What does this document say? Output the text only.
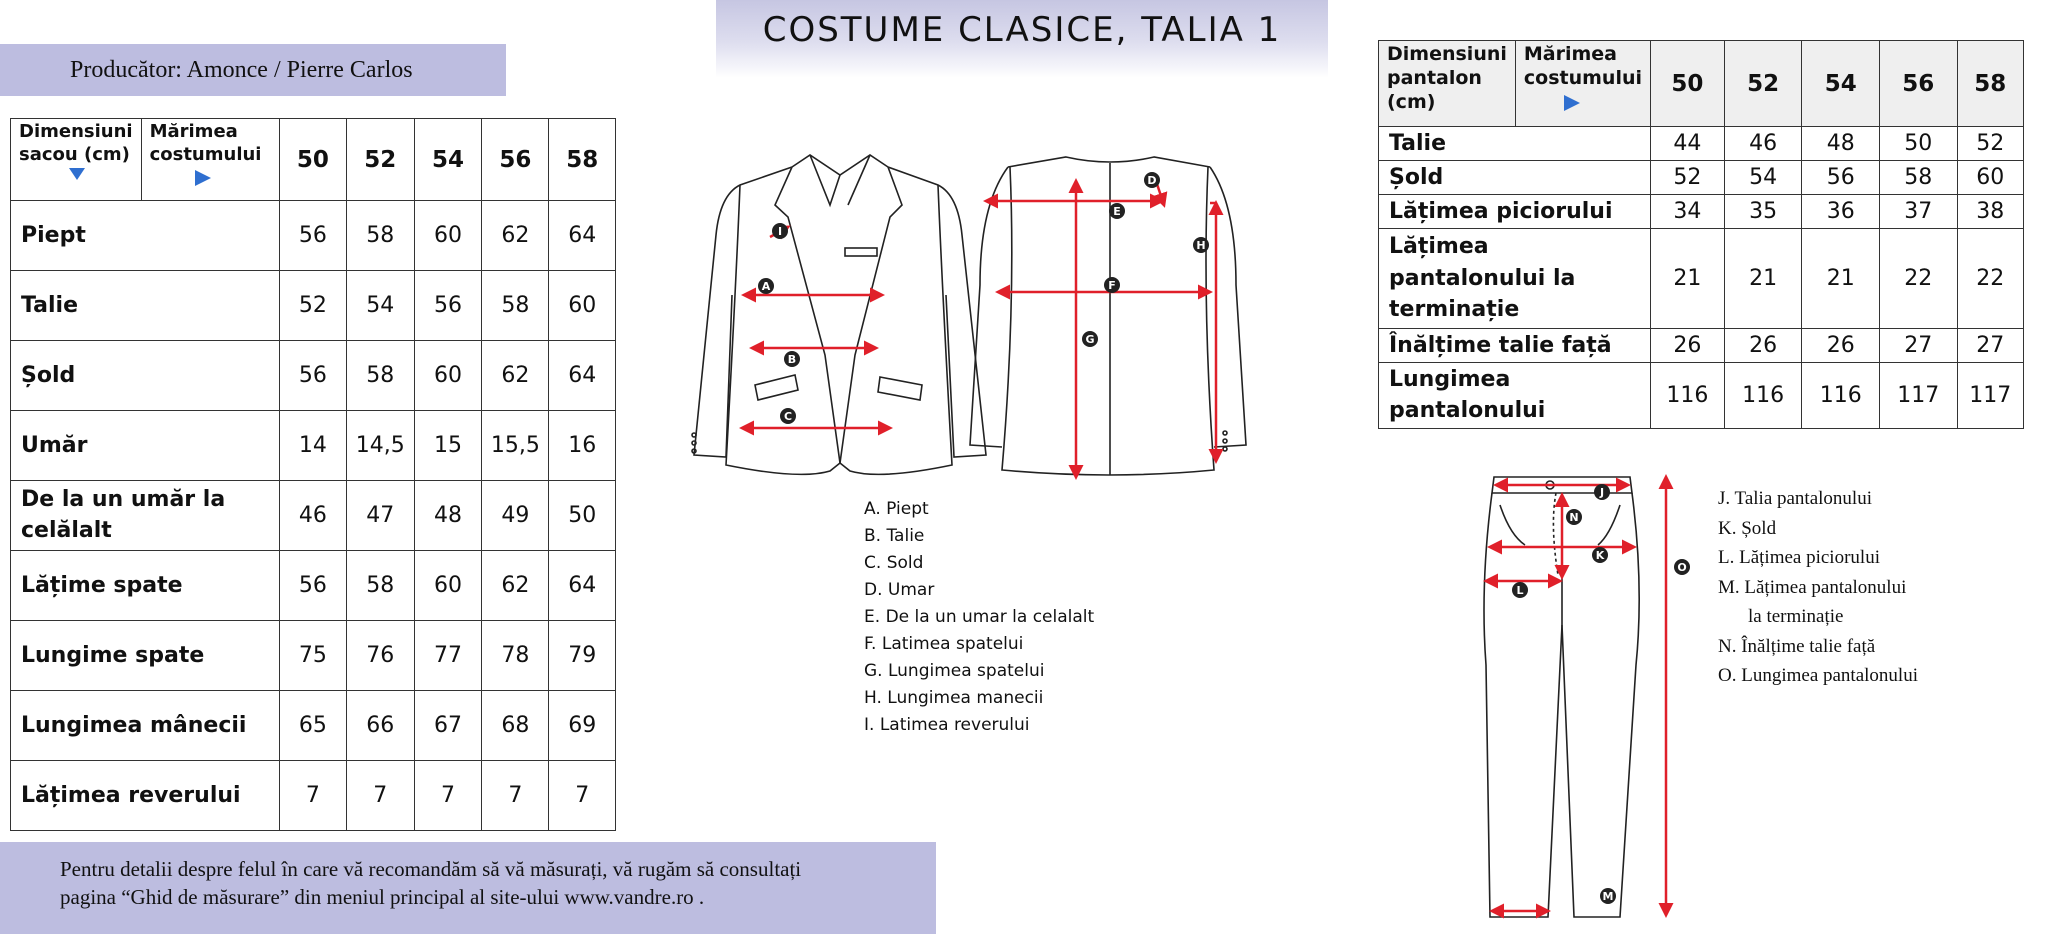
COSTUME CLASICE, TALIA 1
Producător: Amonce / Pierre Carlos
Dimensiuni sacou (cm)	Mărimea costumului	50	52	54	56	58
Piept		56	58	60	62	64
Talie		52	54	56	58	60
Șold		56	58	60	62	64
Umăr		14	14,5	15	15,5	16
De la un umăr la celălalt		46	47	48	49	50
Lățime spate		56	58	60	62	64
Lungime spate		75	76	77	78	79
Lungimea mânecii		65	66	67	68	69
Lățimea reverului		7	7	7	7	7
Dimensiuni pantalon (cm)	Mărimea costumului	50	52	54	56	58
Talie		44	46	48	50	52
Șold		52	54	56	58	60
Lățimea piciorului		34	35	36	37	38
Lățimea pantalonului la terminație		21	21	21	22	22
Înălțime talie față		26	26	26	27	27
Lungimea pantalonului		116	116	116	117	117
A
B
C
I
D
E
F
G
H
A. Piept
B. Talie
C. Sold
D. Umar
E. De la un umar la celalalt
F. Latimea spatelui
G. Lungimea spatelui
H. Lungimea manecii
I. Latimea reverului
J
K
L
N
M
O
J. Talia pantalonului
K. Șold
L. Lățimea piciorului
M. Lățimea pantalonului
la terminație
N. Înălțime talie față
O. Lungimea pantalonului
Pentru detalii despre felul în care vă recomandăm să vă măsurați, vă rugăm să consultați
pagina “Ghid de măsurare” din meniul principal al site-ului www.vandre.ro .
